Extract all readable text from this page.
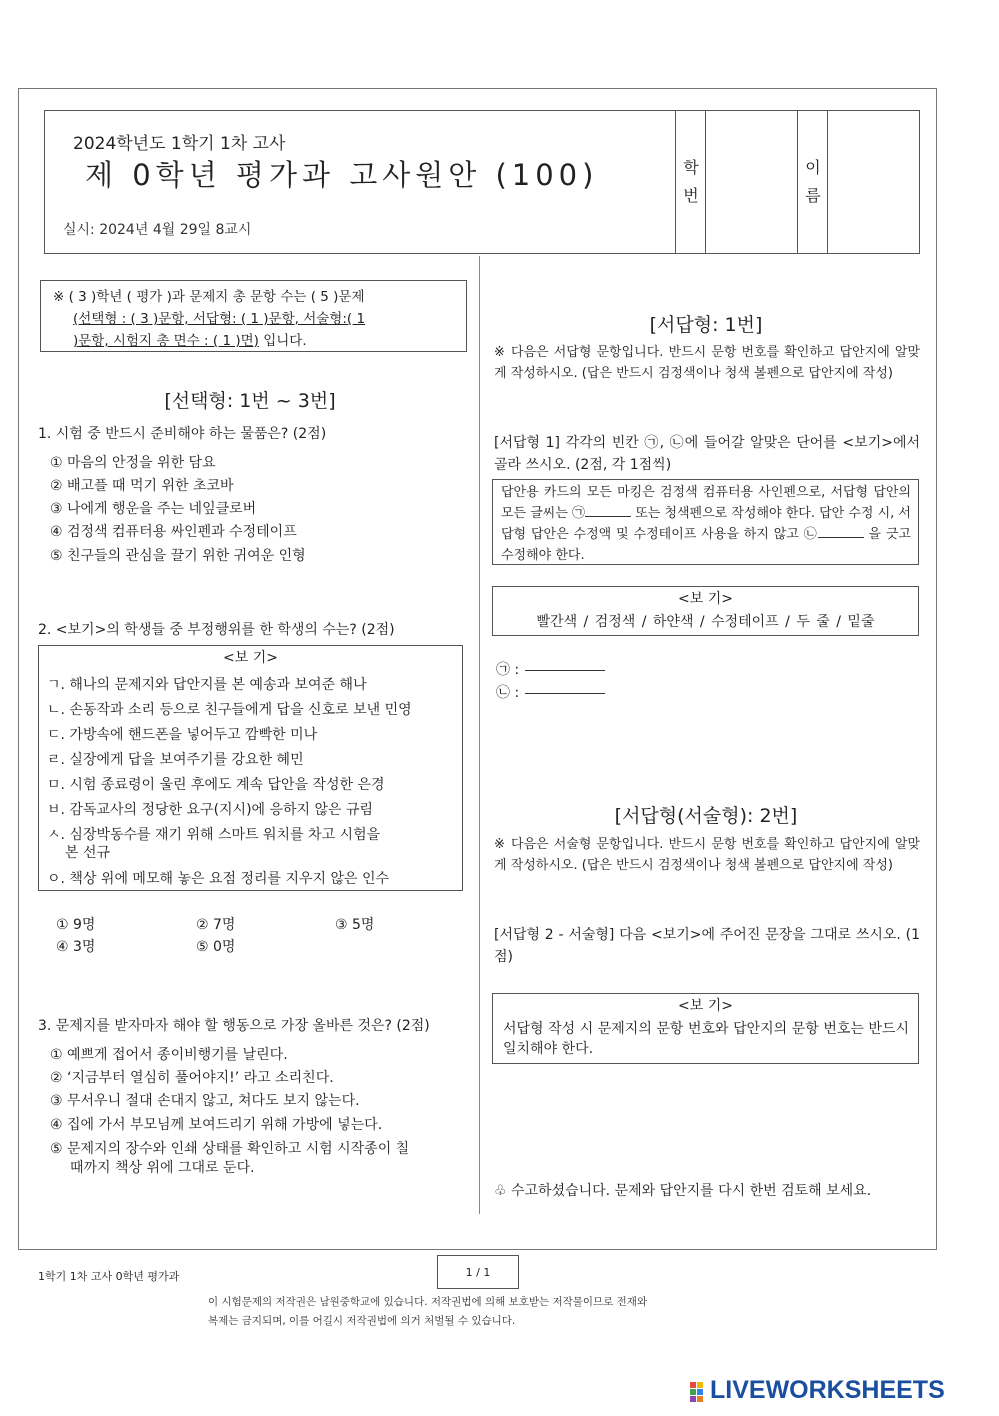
2024학년도 1학기 1차 고사
제 0학년 평가과 고사원안 (100)
실시: 2024년 4월 29일 8교시
학
번
이
름
※ ( 3 )학년 ( 평가 )과 문제지 총 문항 수는 ( 5 )문제
(선택형 : ( 3 )문항, 서답형: ( 1 )문항, 서술형:( 1
)문항, 시험지 총 면수 : ( 1 )면) 입니다.
[선택형: 1번 ~ 3번]
1. 시험 중 반드시 준비해야 하는 물품은? (2점)
① 마음의 안정을 위한 담요
② 배고플 때 먹기 위한 초코바
③ 나에게 행운을 주는 네잎클로버
④ 검정색 컴퓨터용 싸인펜과 수정테이프
⑤ 친구들의 관심을 끌기 위한 귀여운 인형
2. <보기>의 학생들 중 부정행위를 한 학생의 수는? (2점)
<보 기>
ㄱ. 해나의 문제지와 답안지를 본 예송과 보여준 해나
ㄴ. 손동작과 소리 등으로 친구들에게 답을 신호로 보낸 민영
ㄷ. 가방속에 핸드폰을 넣어두고 깜빡한 미나
ㄹ. 실장에게 답을 보여주기를 강요한 혜민
ㅁ. 시험 종료령이 울린 후에도 계속 답안을 작성한 은경
ㅂ. 감독교사의 정당한 요구(지시)에 응하지 않은 규림
ㅅ. 심장박동수를 재기 위해 스마트 워치를 차고 시험을
본 선규
ㅇ. 책상 위에 메모해 놓은 요점 정리를 지우지 않은 인수
① 9명	② 7명	③ 5명
④ 3명	⑤ 0명
3. 문제지를 받자마자 해야 할 행동으로 가장 올바른 것은? (2점)
① 예쁘게 접어서 종이비행기를 날린다.
② ‘지금부터 열심히 풀어야지!’ 라고 소리친다.
③ 무서우니 절대 손대지 않고, 쳐다도 보지 않는다.
④ 집에 가서 부모님께 보여드리기 위해 가방에 넣는다.
⑤ 문제지의 장수와 인쇄 상태를 확인하고 시험 시작종이 칠
때까지 책상 위에 그대로 둔다.
[서답형: 1번]
※ 다음은 서답형 문항입니다. 반드시 문항 번호를 확인하고 답안지에 알맞게 작성하시오. (답은 반드시 검정색이나 청색 볼펜으로 답안지에 작성)
[서답형 1] 각각의 빈칸 ㉠, ㉡에 들어갈 알맞은 단어를 <보기>에서 골라 쓰시오. (2점, 각 1점씩)
답안용 카드의 모든 마킹은 검정색 컴퓨터용 사인펜으로, 서답형 답안의 모든 글씨는 ㉠	또는 청색펜으로 작성해야 한다. 답안 수정 시, 서답형 답안은 수정액 및 수정테이프 사용을 하지 않고 ㉡	을 긋고 수정해야 한다.
<보 기>
빨간색 / 검정색 / 하얀색 / 수정테이프 / 두 줄 / 밑줄
㉠ :
㉡ :
[서답형(서술형): 2번]
※ 다음은 서술형 문항입니다. 반드시 문항 번호를 확인하고 답안지에 알맞게 작성하시오. (답은 반드시 검정색이나 청색 볼펜으로 답안지에 작성)
[서답형 2 - 서술형] 다음 <보기>에 주어진 문장을 그대로 쓰시오. (1점)
<보 기>
서답형 작성 시 문제지의 문항 번호와 답안지의 문항 번호는 반드시 일치해야 한다.
♧ 수고하셨습니다. 문제와 답안지를 다시 한번 검토해 보세요.
1학기 1차 고사 0학년 평가과	1 / 1
이 시험문제의 저작권은 남원중학교에 있습니다. 저작권법에 의해 보호받는 저작물이므로 전재와
복제는 금지되며, 이를 어길시 저작권법에 의거 처벌될 수 있습니다.
LIVEWORKSHEETS
